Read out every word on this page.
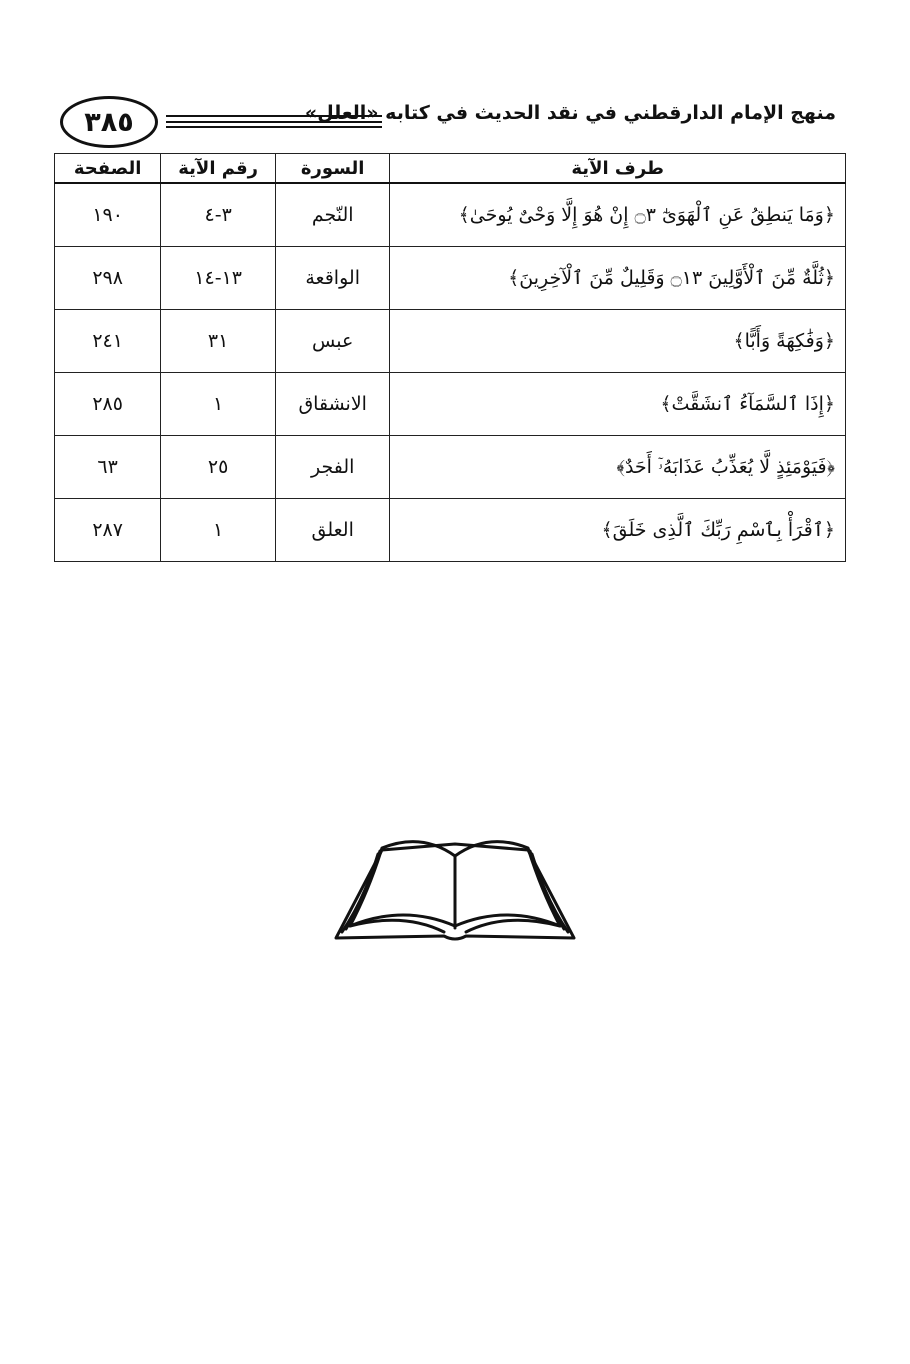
٣٨٥	منهج الإمام الدارقطني في نقد الحديث في كتابه «العلل»
طرف الآية	السورة	رقم الآية	الصفحة
﴿وَمَا يَنطِقُ عَنِ ٱلْهَوَىٰٓ ۝٣ إِنْ هُوَ إِلَّا وَحْىٌ يُوحَىٰ﴾	النّجم	٣-٤	١٩٠
﴿ثُلَّةٌ مِّنَ ٱلْأَوَّلِينَ ۝١٣ وَقَلِيلٌ مِّنَ ٱلْآخِرِينَ﴾	الواقعة	١٣-١٤	٢٩٨
﴿وَفَٰكِهَةً وَأَبًّا﴾	عبس	٣١	٢٤١
﴿إِذَا ٱلسَّمَآءُ ٱنشَقَّتْ﴾	الانشقاق	١	٢٨٥
﴿فَيَوْمَئِذٍ لَّا يُعَذِّبُ عَذَابَهُۥٓ أَحَدٌ﴾	الفجر	٢٥	٦٣
﴿ٱقْرَأْ بِٱسْمِ رَبِّكَ ٱلَّذِى خَلَقَ﴾	العلق	١	٢٨٧
